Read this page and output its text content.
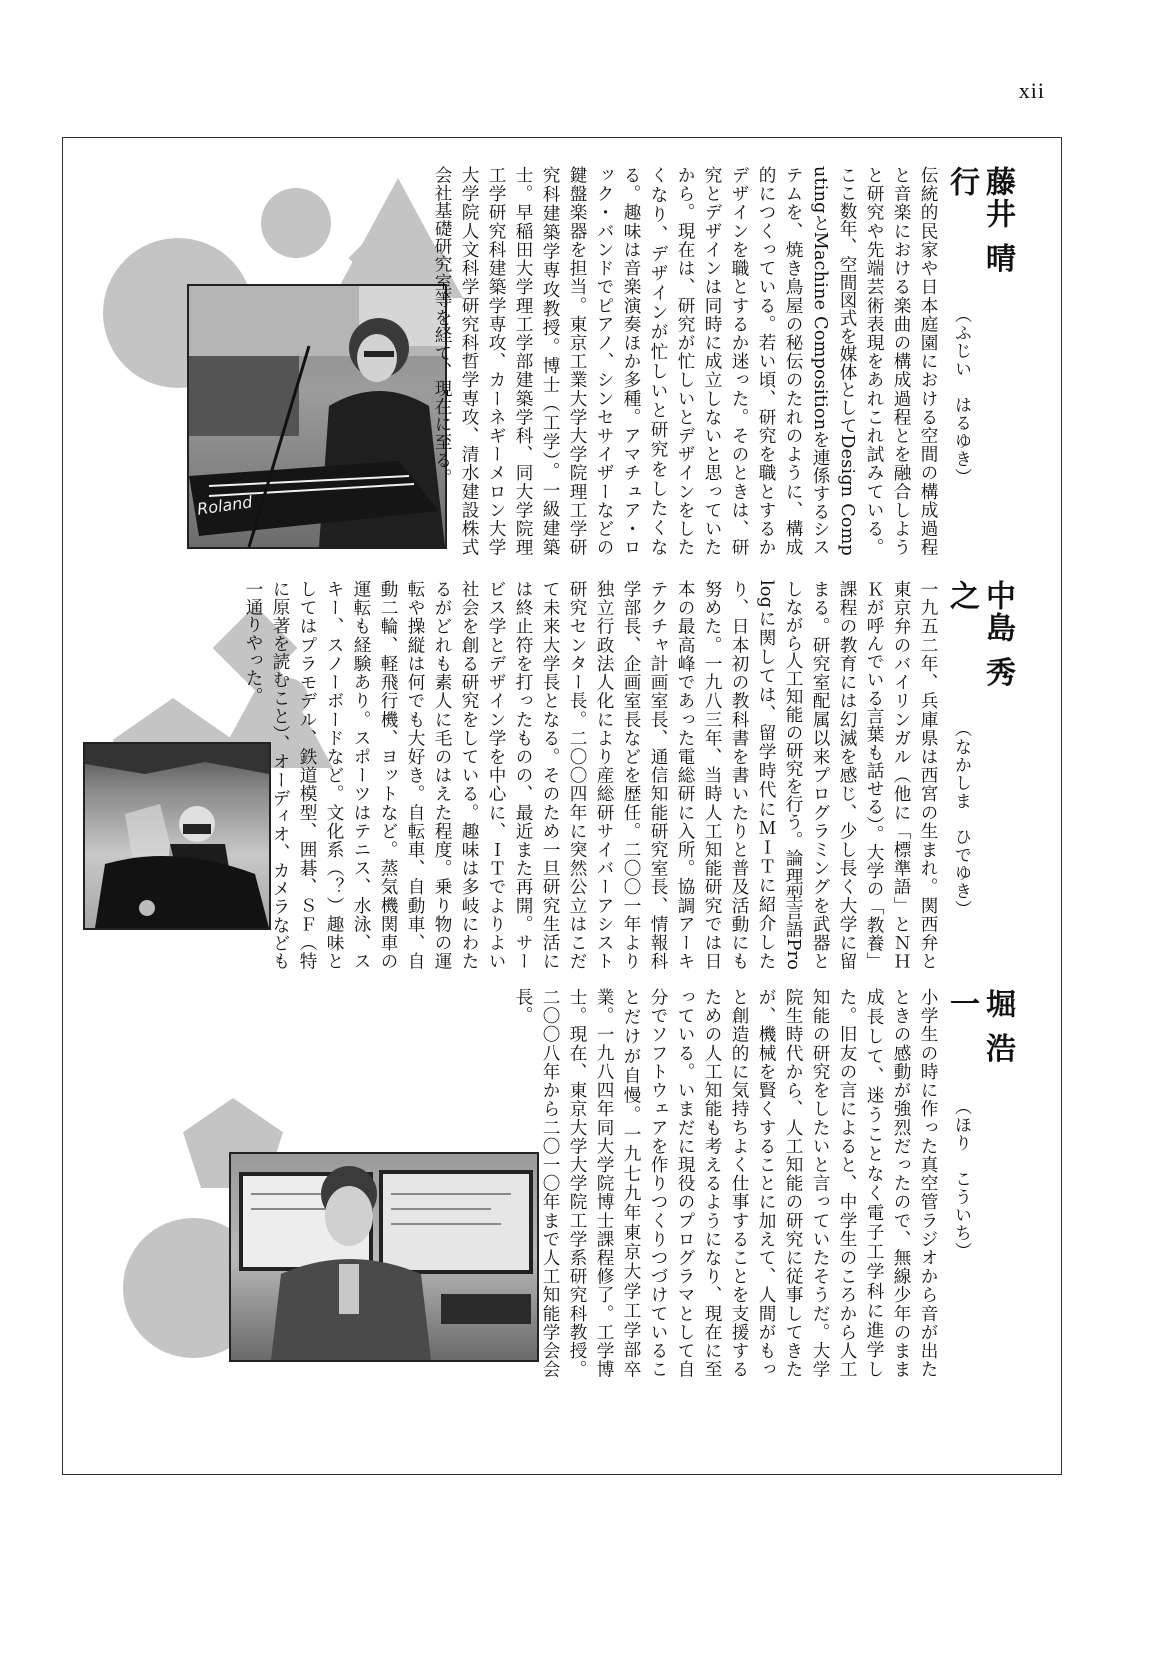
xii
Roland
藤井 晴行
（ふじい　はるゆき）
伝統的民家や日本庭園における空間の構成過程と音楽における楽曲の構成過程とを融合しようと研究や先端芸術表現をあれこれ試みている。ここ数年、空間図式を媒体としてDesign ComputingとMachine Compositionを連係するシステムを、焼き鳥屋の秘伝のたれのように、構成的につくっている。若い頃、研究を職とするかデザインを職とするか迷った。そのときは、研究とデザインは同時に成立しないと思っていたから。現在は、研究が忙しいとデザインをしたくなり、デザインが忙しいと研究をしたくなる。趣味は音楽演奏ほか多種。アマチュア・ロック・バンドでピアノ、シンセサイザーなどの鍵盤楽器を担当。東京工業大学大学院理工学研究科建築学専攻教授。博士（工学）。一級建築士。早稲田大学理工学部建築学科、同大学院理工学研究科建築学専攻、カーネギーメロン大学大学院人文科学研究科哲学専攻、清水建設株式会社基礎研究室等を経て、現在に至る。
中島 秀之
（なかしま　ひでゆき）
一九五二年、兵庫県は西宮の生まれ。関西弁と東京弁のバイリンガル（他に「標準語」とＮＨＫが呼んでいる言葉も話せる）。大学の「教養」課程の教育には幻滅を感じ、少し長く大学に留まる。研究室配属以来プログラミングを武器としながら人工知能の研究を行う。論理型言語Prologに関しては、留学時代にＭＩＴに紹介したり、日本初の教科書を書いたりと普及活動にも努めた。一九八三年、当時人工知能研究では日本の最高峰であった電総研に入所。協調アーキテクチャ計画室長、通信知能研究室長、情報科学部長、企画室長などを歴任。二〇〇一年より独立行政法人化により産総研サイバーアシスト研究センター長。二〇〇四年に突然公立はこだて未来大学長となる。そのため一旦研究生活には終止符を打ったものの、最近また再開。サービス学とデザイン学を中心に、ＩＴでよりよい社会を創る研究をしている。趣味は多岐にわたるがどれも素人に毛のはえた程度。乗り物の運転や操縦は何でも大好き。自転車、自動車、自動二輪、軽飛行機、ヨットなど。蒸気機関車の運転も経験あり。スポーツはテニス、水泳、スキー、スノーボードなど。文化系（？）趣味としてはプラモデル、鉄道模型、囲碁、ＳＦ（特に原著を読むこと）、オーディオ、カメラなども一通りやった。
堀 浩一
（ほり　こういち）
小学生の時に作った真空管ラジオから音が出たときの感動が強烈だったので、無線少年のまま成長して、迷うことなく電子工学科に進学した。旧友の言によると、中学生のころから人工知能の研究をしたいと言っていたそうだ。大学院生時代から、人工知能の研究に従事してきたが、機械を賢くすることに加えて、人間がもっと創造的に気持ちよく仕事することを支援するための人工知能も考えるようになり、現在に至っている。いまだに現役のプログラマとして自分でソフトウェアを作りつくりつづけていることだけが自慢。一九七九年東京大学工学部卒業。一九八四年同大学院博士課程修了。工学博士。現在、東京大学大学院工学系研究科教授。二〇〇八年から二〇一〇年まで人工知能学会会長。
